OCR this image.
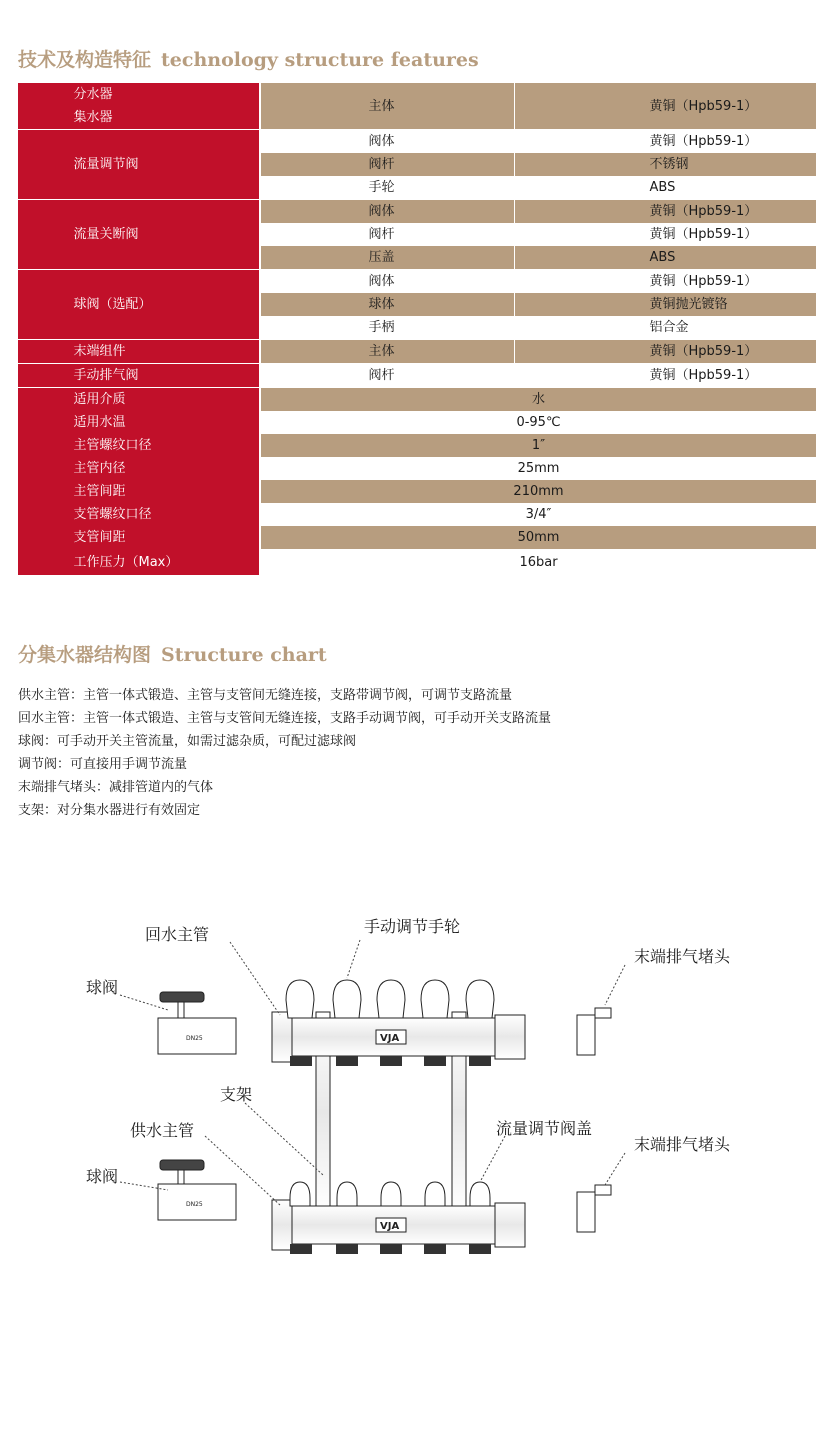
技术及构造特征 technology structure features
分水器
集水器
主体	黄铜（Hpb59-1）
流量调节阀
阀体	黄铜（Hpb59-1）
阀杆	不锈钢
手轮	ABS
流量关断阀
阀体	黄铜（Hpb59-1）
阀杆	黄铜（Hpb59-1）
压盖	ABS
球阀（选配）
阀体	黄铜（Hpb59-1）
球体	黄铜抛光镀铬
手柄	铝合金
末端组件	主体	黄铜（Hpb59-1）
手动排气阀	阀杆	黄铜（Hpb59-1）
适用介质	水
适用水温	0-95℃
主管螺纹口径	1″
主管内径	25mm
主管间距	210mm
支管螺纹口径	3/4″
支管间距	50mm
工作压力（Max）	16bar
分集水器结构图 Structure chart
供水主管：主管一体式锻造、主管与支管间无缝连接，支路带调节阀，可调节支路流量
回水主管：主管一体式锻造、主管与支管间无缝连接，支路手动调节阀，可手动开关支路流量
球阀：可手动开关主管流量，如需过滤杂质，可配过滤球阀
调节阀：可直接用手调节流量
末端排气堵头：减排管道内的气体
支架：对分集水器进行有效固定
VJA
VJA
DN25
DN25
回水主管	手动调节手轮
末端排气堵头
球阀
支架
供水主管	流量调节阀盖
末端排气堵头
球阀
